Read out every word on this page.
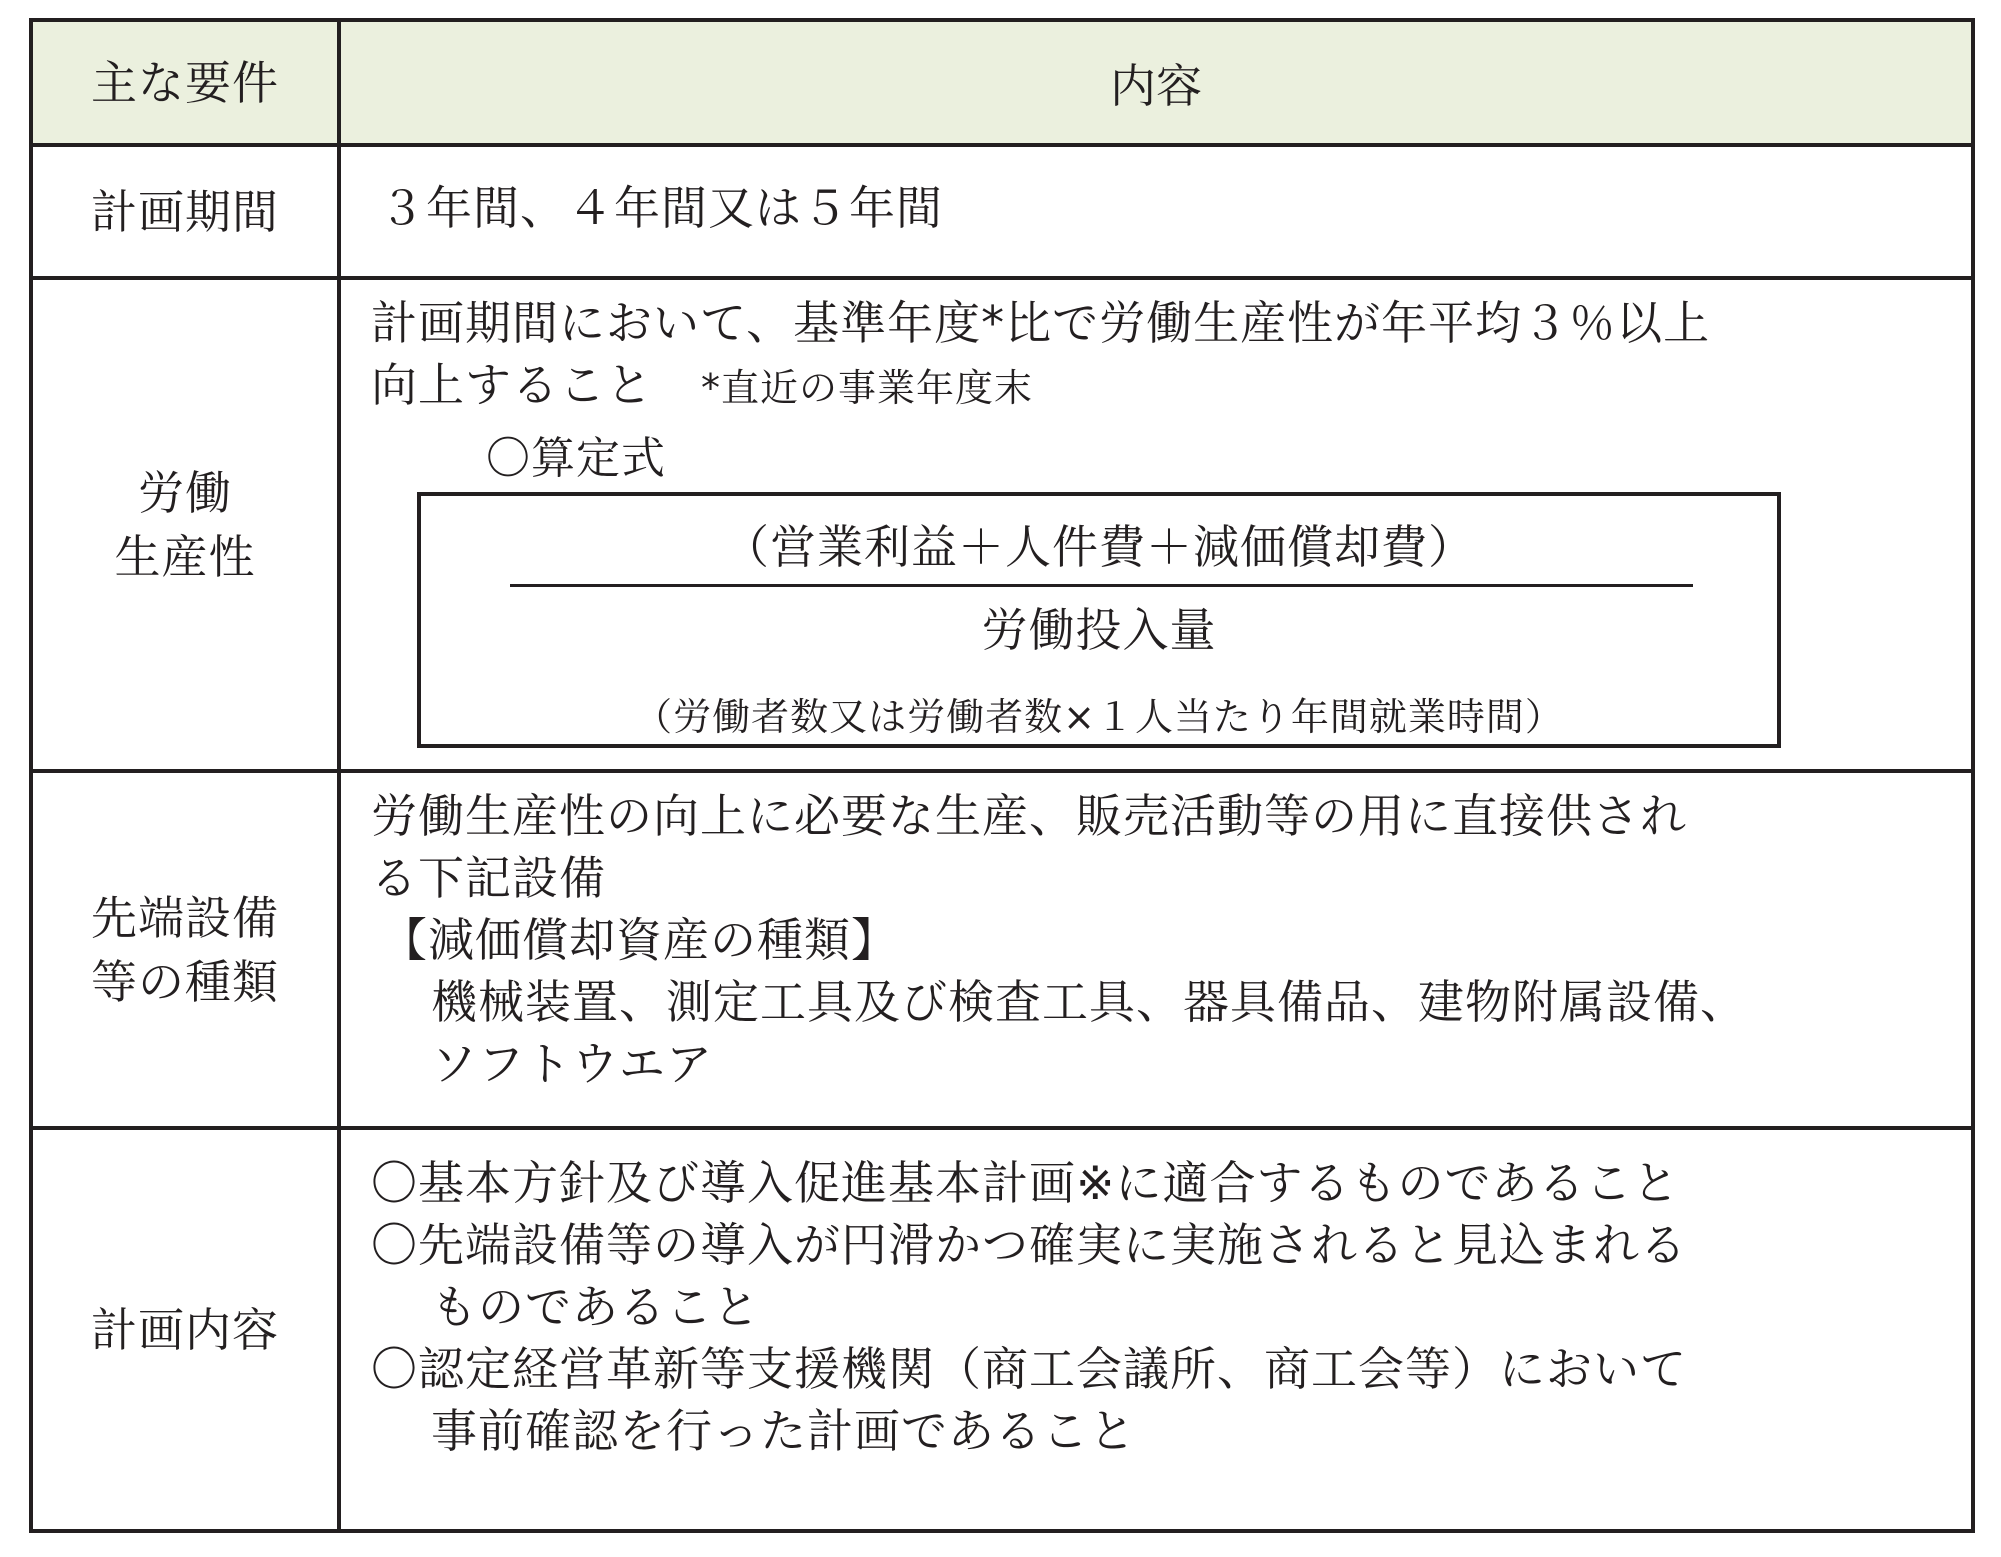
主な要件	内容
計画期間 ３年間、４年間又は５年間
労働
生産性
計画期間において、基準年度*比で労働生産性が年平均３％以上
向上すること *直近の事業年度末
〇算定式
（営業利益＋人件費＋減価償却費）
労働投入量
（労働者数又は労働者数×１人当たり年間就業時間）
先端設備
等の種類
労働生産性の向上に必要な生産、販売活動等の用に直接供され
る下記設備
【減価償却資産の種類】
機械装置、測定工具及び検査工具、器具備品、建物附属設備、
ソフトウエア
計画内容
〇基本方針及び導入促進基本計画※に適合するものであること
〇先端設備等の導入が円滑かつ確実に実施されると見込まれる
ものであること
〇認定経営革新等支援機関（商工会議所、商工会等）において
事前確認を行った計画であること
